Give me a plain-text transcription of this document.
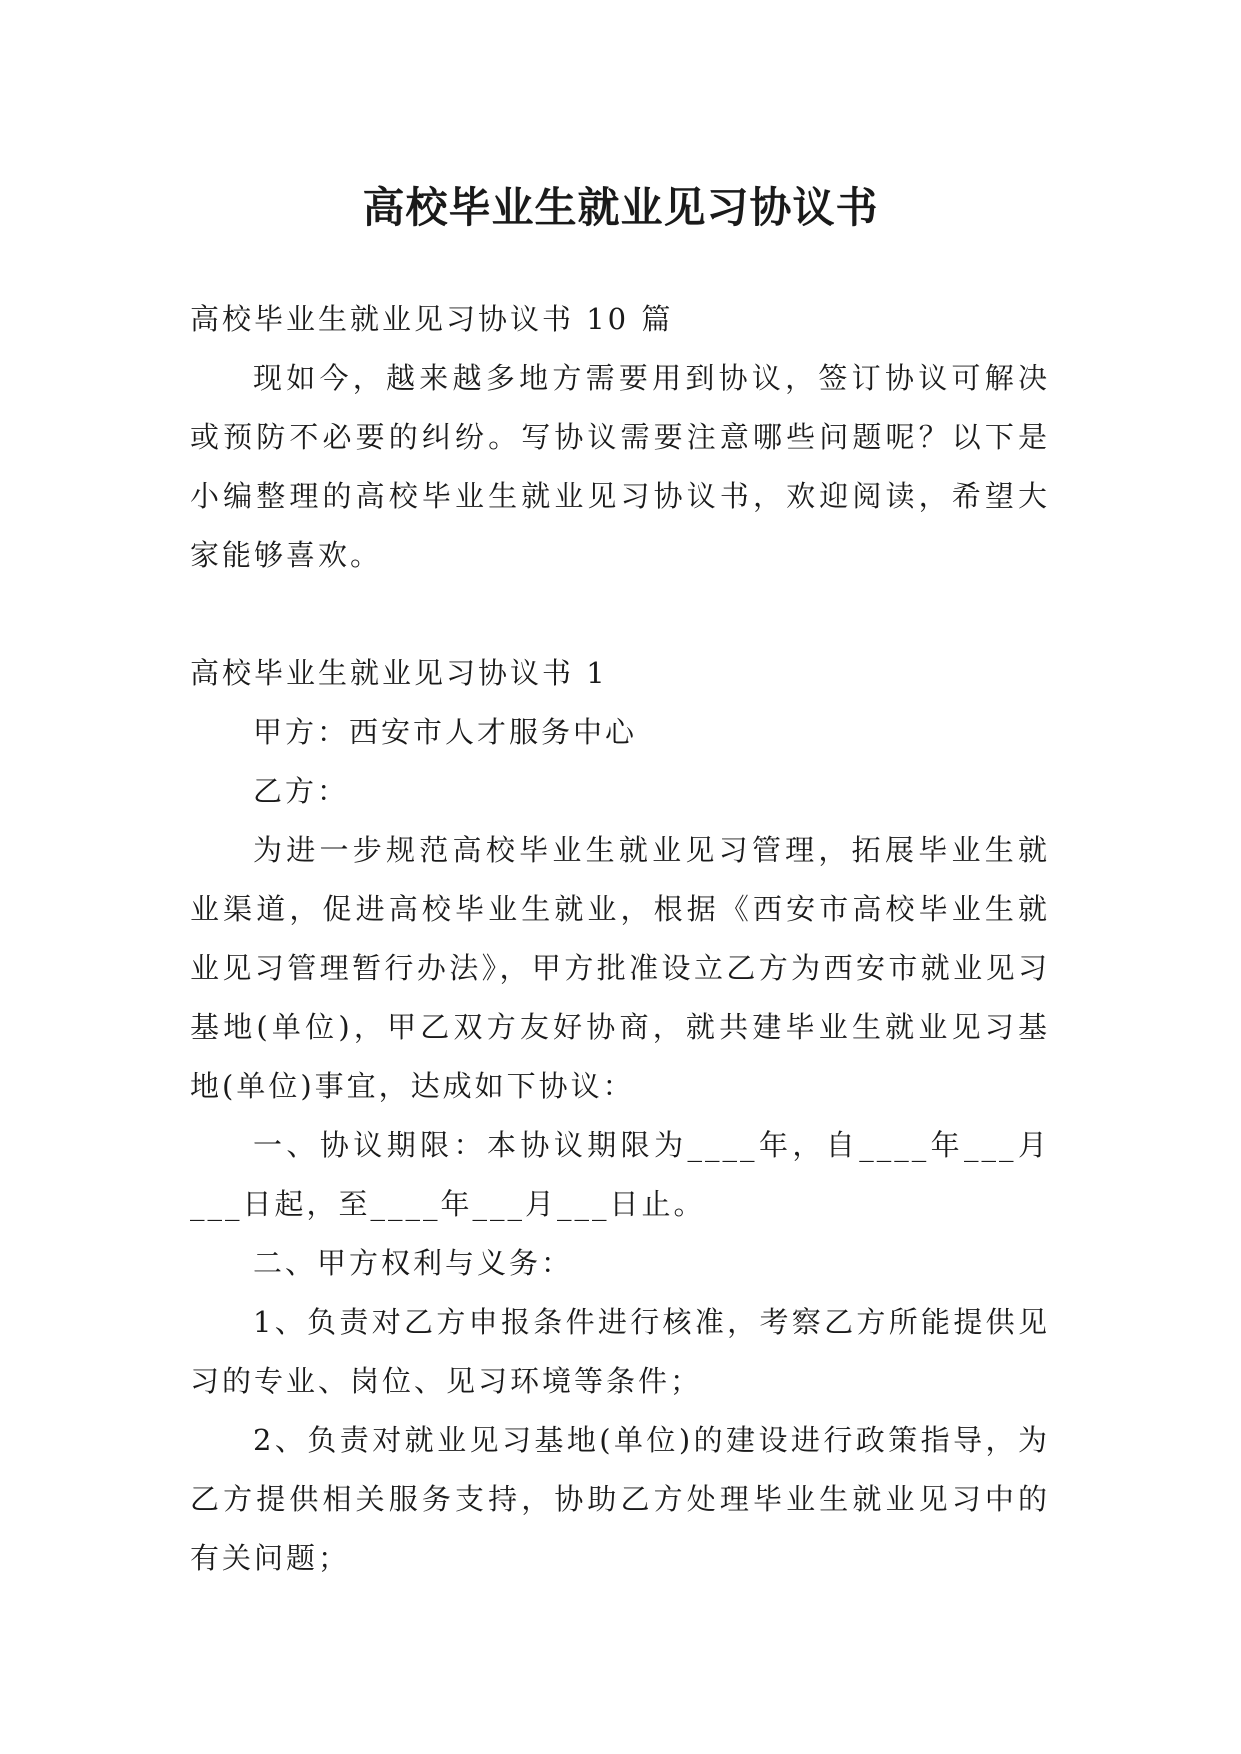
高校毕业生就业见习协议书

高校毕业生就业见习协议书 10 篇

现如今，越来越多地方需要用到协议，签订协议可解决或预防不必要的纠纷。写协议需要注意哪些问题呢？以下是小编整理的高校毕业生就业见习协议书，欢迎阅读，希望大家能够喜欢。

高校毕业生就业见习协议书 1

甲方：西安市人才服务中心

乙方：

为进一步规范高校毕业生就业见习管理，拓展毕业生就业渠道，促进高校毕业生就业，根据《西安市高校毕业生就业见习管理暂行办法》，甲方批准设立乙方为西安市就业见习基地(单位)，甲乙双方友好协商，就共建毕业生就业见习基地(单位)事宜，达成如下协议：

一、协议期限：本协议期限为____年，自____年___月___日起，至____年___月___日止。

二、甲方权利与义务：

1、负责对乙方申报条件进行核准，考察乙方所能提供见习的专业、岗位、见习环境等条件；

2、负责对就业见习基地(单位)的建设进行政策指导，为乙方提供相关服务支持，协助乙方处理毕业生就业见习中的有关问题；
